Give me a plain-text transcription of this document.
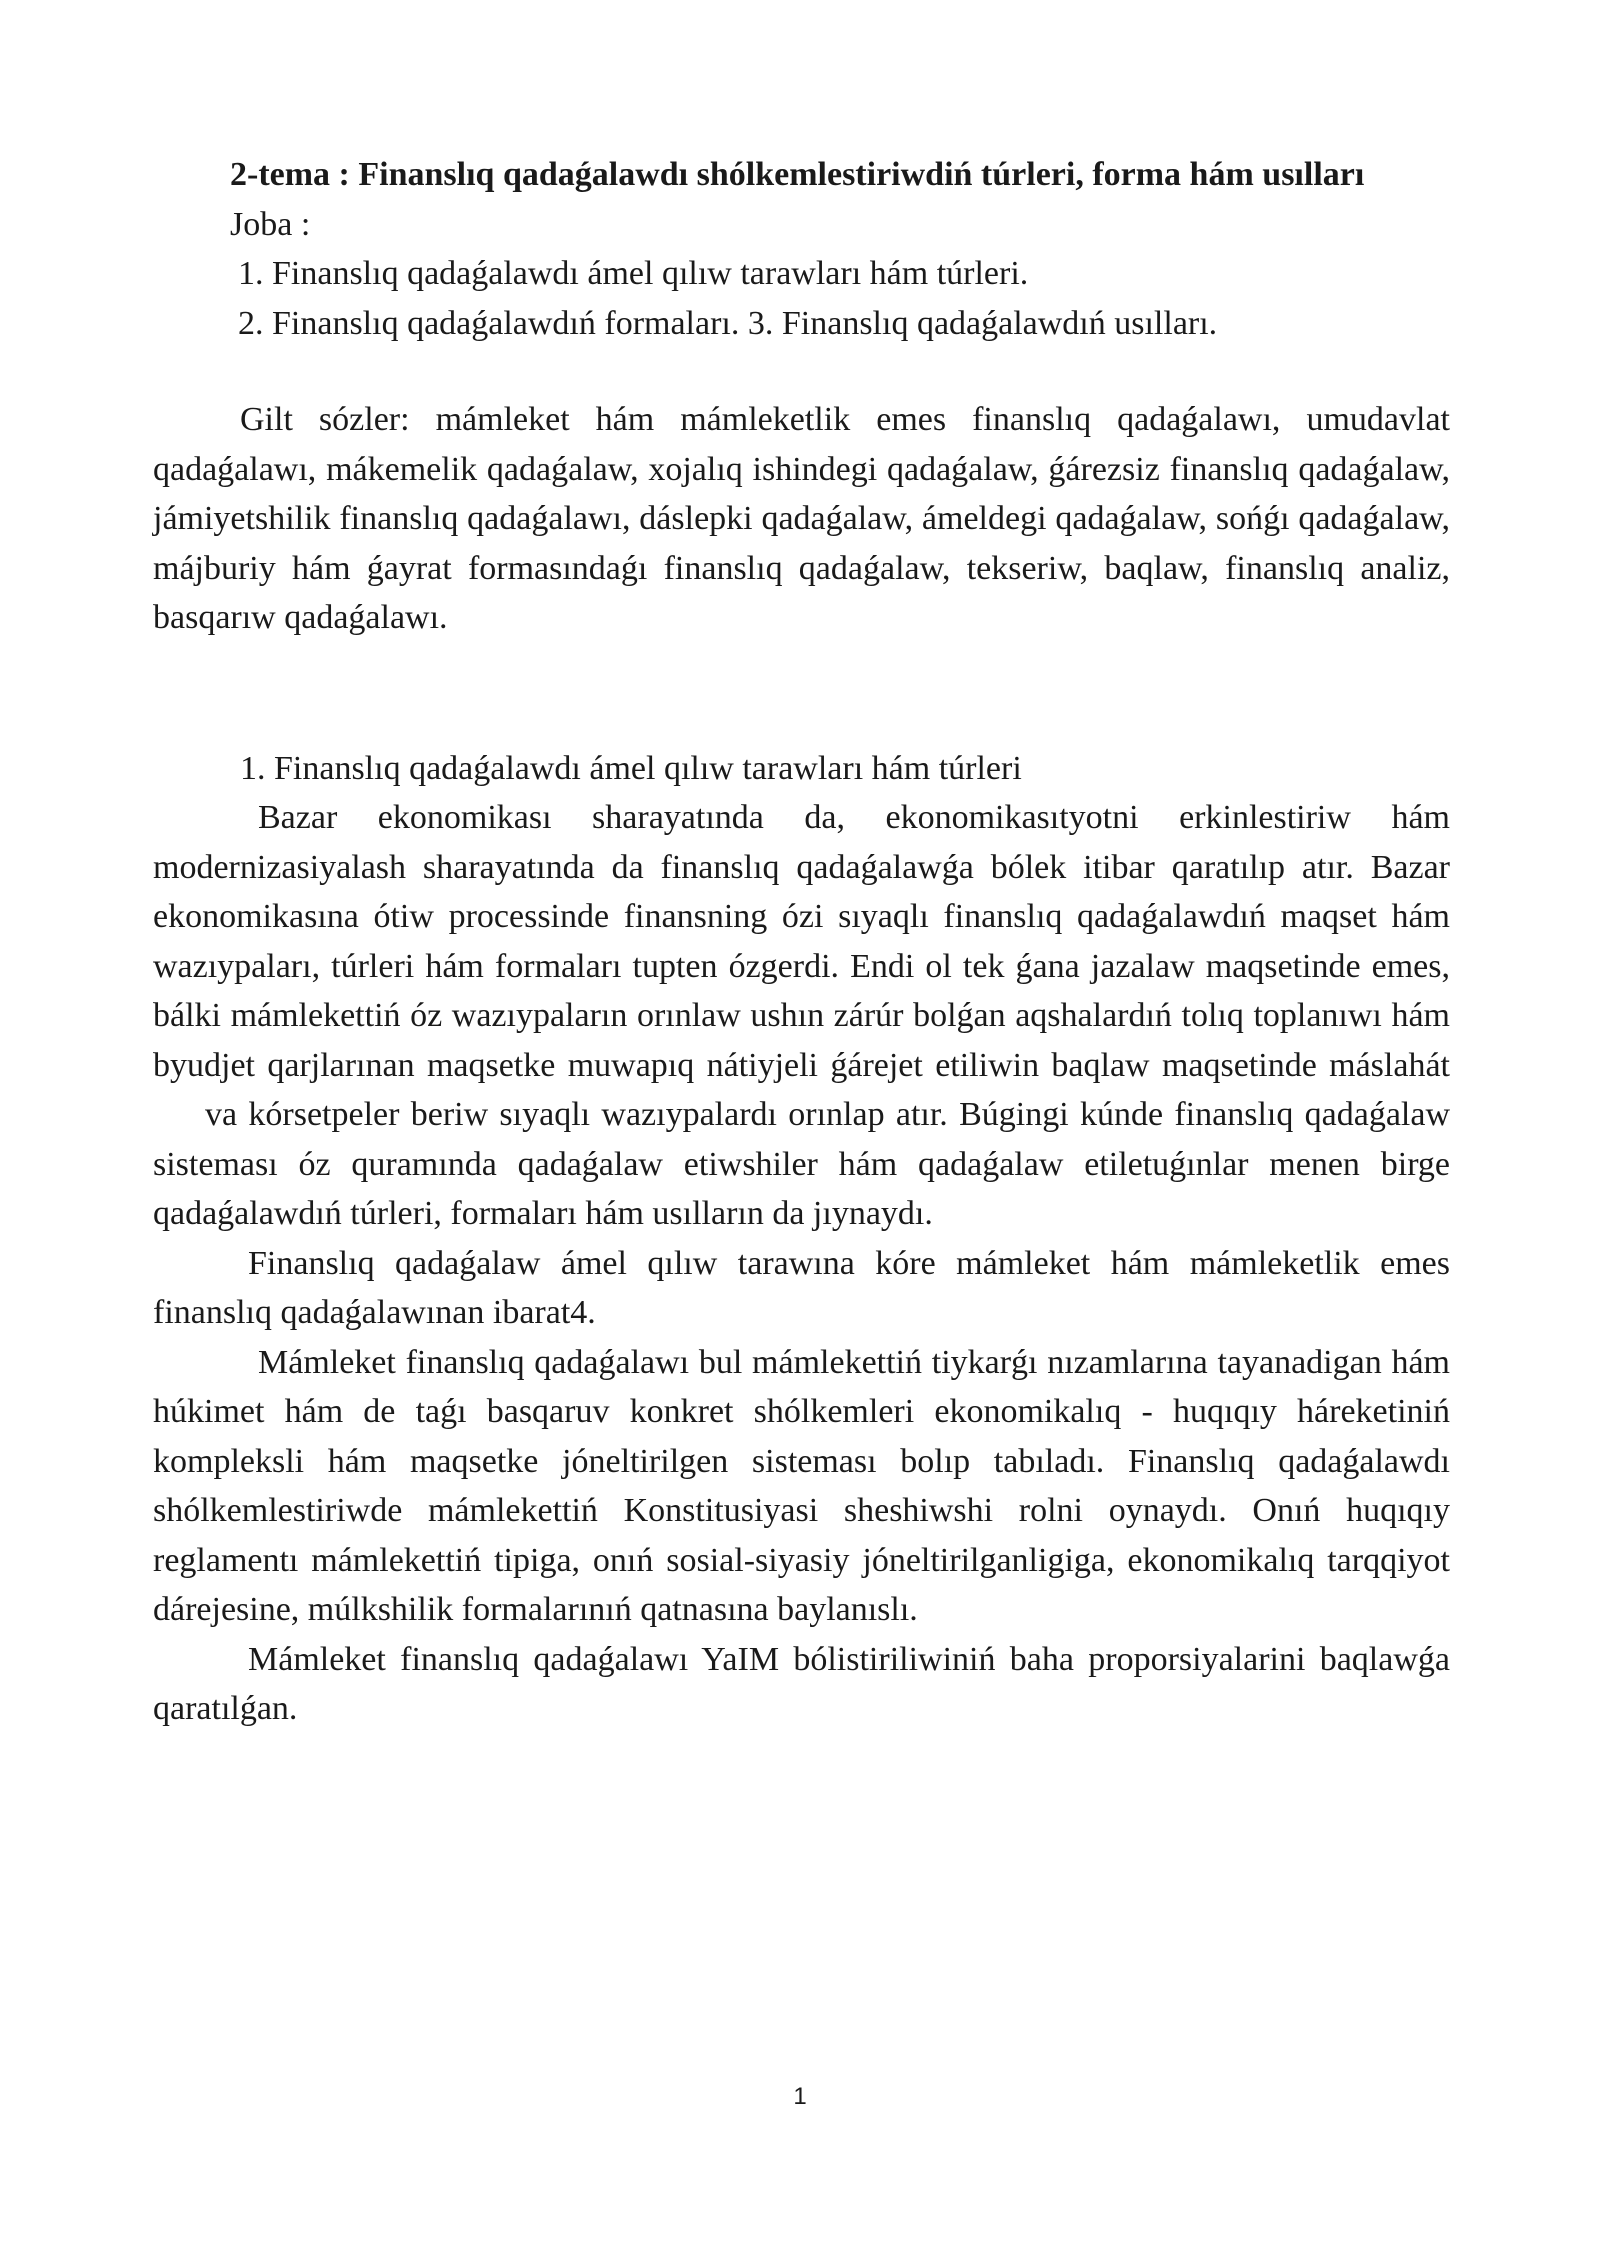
2-tema : Finanslıq qadaǵalawdı shólkemlestiriwdiń túrleri, forma hám usılları

Joba :

1. Finanslıq qadaǵalawdı ámel qılıw tarawları hám túrleri.

2. Finanslıq qadaǵalawdıń formaları. 3. Finanslıq qadaǵalawdıń usılları.

Gilt sózler: mámleket hám mámleketlik emes finanslıq qadaǵalawı, umudavlat qadaǵalawı, mákemelik qadaǵalaw, xojalıq ishindegi qadaǵalaw, ǵárezsiz finanslıq qadaǵalaw, jámiyetshilik finanslıq qadaǵalawı, dáslepki qadaǵalaw, ámeldegi qadaǵalaw, sońǵı qadaǵalaw, májburiy hám ǵayrat formasındaǵı finanslıq qadaǵalaw, tekseriw, baqlaw, finanslıq analiz, basqarıw qadaǵalawı.

1. Finanslıq qadaǵalawdı ámel qılıw tarawları hám túrleri

Bazar ekonomikası sharayatında da, ekonomikasıtyotni erkinlestiriw hám modernizasiyalash sharayatında da finanslıq qadaǵalawǵa bólek itibar qaratılıp atır. Bazar ekonomikasına ótiw processinde finansning ózi sıyaqlı finanslıq qadaǵalawdıń maqset hám wazıypaları, túrleri hám formaları tupten ózgerdi. Endi ol tek ǵana jazalaw maqsetinde emes, bálki mámlekettiń óz wazıypaların orınlaw ushın zárúr bolǵan aqshalardıń tolıq toplanıwı hám byudjet qarjlarınan maqsetke muwapıq nátiyjeli ǵárejet etiliwin baqlaw maqsetinde máslahátva kórsetpeler beriw sıyaqlı wazıypalardı orınlap atır. Búgingi kúnde finanslıq qadaǵalaw sisteması óz quramında qadaǵalaw etiwshiler hám qadaǵalaw etiletuǵınlar menen birge qadaǵalawdıń túrleri, formaları hám usılların da jıynaydı.

Finanslıq qadaǵalaw ámel qılıw tarawına kóre mámleket hám mámleketlik emes finanslıq qadaǵalawınan ibarat4.

Mámleket finanslıq qadaǵalawı bul mámlekettiń tiykarǵı nızamlarına tayanadigan hám húkimet hám de taǵı basqaruv konkret shólkemleri ekonomikalıq - huqıqıy háreketiniń kompleksli hám maqsetke jóneltirilgen sisteması bolıp tabıladı. Finanslıq qadaǵalawdı shólkemlestiriwde mámlekettiń Konstitusiyasi sheshiwshi rolni oynaydı. Onıń huqıqıy reglamentı mámlekettiń tipiga, onıń sosial-siyasiy jóneltirilganligiga, ekonomikalıq tarqqiyot dárejesine, múlkshilik formalarınıń qatnasına baylanıslı.

Mámleket finanslıq qadaǵalawı YaIM bólistiriliwiniń baha proporsiyalarini baqlawǵa qaratılǵan.

1
